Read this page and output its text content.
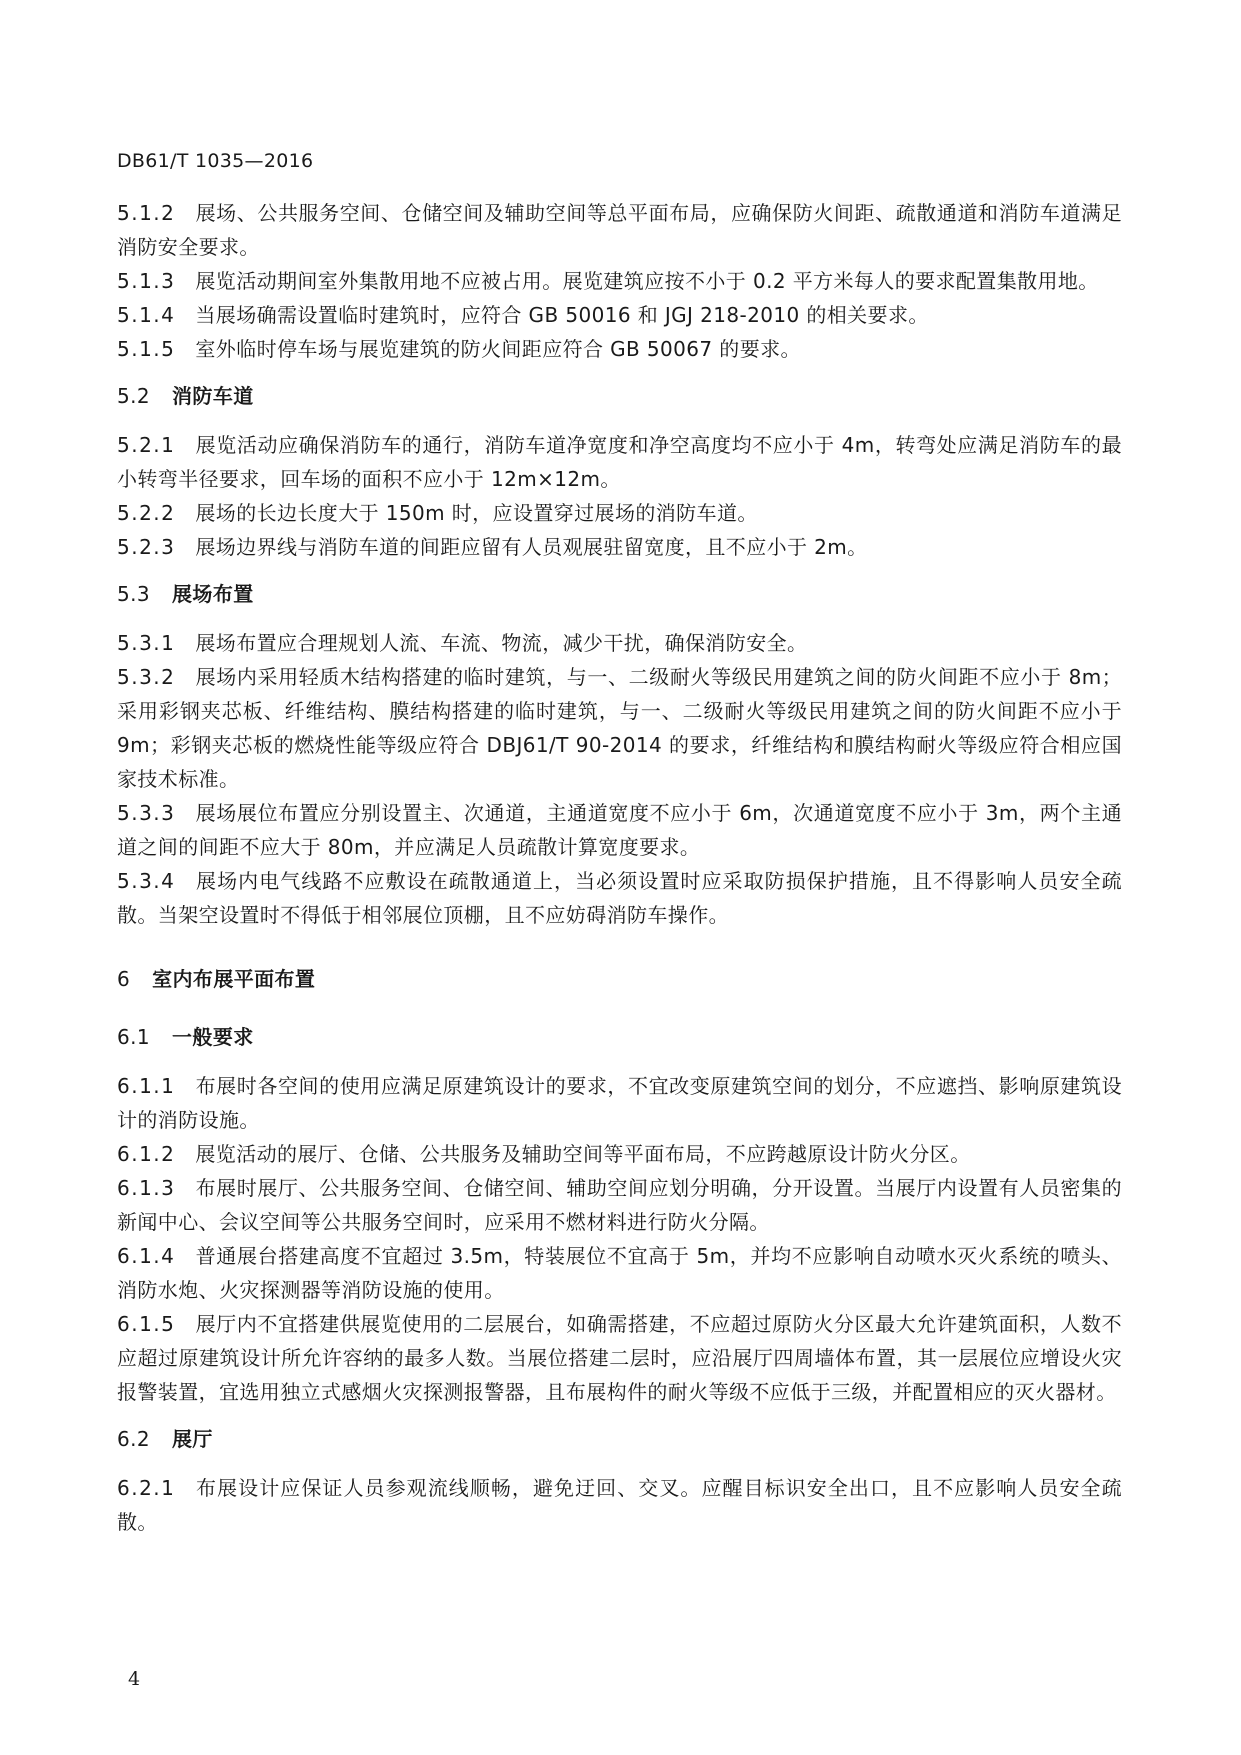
DB61/T 1035—2016

5.1.2 展场、公共服务空间、仓储空间及辅助空间等总平面布局，应确保防火间距、疏散通道和消防车道满足消防安全要求。

5.1.3 展览活动期间室外集散用地不应被占用。展览建筑应按不小于 0.2 平方米每人的要求配置集散用地。

5.1.4 当展场确需设置临时建筑时，应符合 GB 50016 和 JGJ 218-2010 的相关要求。

5.1.5 室外临时停车场与展览建筑的防火间距应符合 GB 50067 的要求。

5.2 消防车道

5.2.1 展览活动应确保消防车的通行，消防车道净宽度和净空高度均不应小于 4m，转弯处应满足消防车的最小转弯半径要求，回车场的面积不应小于 12m×12m。

5.2.2 展场的长边长度大于 150m 时，应设置穿过展场的消防车道。

5.2.3 展场边界线与消防车道的间距应留有人员观展驻留宽度，且不应小于 2m。

5.3 展场布置

5.3.1 展场布置应合理规划人流、车流、物流，减少干扰，确保消防安全。

5.3.2 展场内采用轻质木结构搭建的临时建筑，与一、二级耐火等级民用建筑之间的防火间距不应小于 8m；采用彩钢夹芯板、纤维结构、膜结构搭建的临时建筑，与一、二级耐火等级民用建筑之间的防火间距不应小于 9m；彩钢夹芯板的燃烧性能等级应符合 DBJ61/T 90-2014 的要求，纤维结构和膜结构耐火等级应符合相应国家技术标准。

5.3.3 展场展位布置应分别设置主、次通道，主通道宽度不应小于 6m，次通道宽度不应小于 3m，两个主通道之间的间距不应大于 80m，并应满足人员疏散计算宽度要求。

5.3.4 展场内电气线路不应敷设在疏散通道上，当必须设置时应采取防损保护措施，且不得影响人员安全疏散。当架空设置时不得低于相邻展位顶棚，且不应妨碍消防车操作。

6 室内布展平面布置
6.1 一般要求

6.1.1 布展时各空间的使用应满足原建筑设计的要求，不宜改变原建筑空间的划分，不应遮挡、影响原建筑设计的消防设施。

6.1.2 展览活动的展厅、仓储、公共服务及辅助空间等平面布局，不应跨越原设计防火分区。

6.1.3 布展时展厅、公共服务空间、仓储空间、辅助空间应划分明确，分开设置。当展厅内设置有人员密集的新闻中心、会议空间等公共服务空间时，应采用不燃材料进行防火分隔。

6.1.4 普通展台搭建高度不宜超过 3.5m，特装展位不宜高于 5m，并均不应影响自动喷水灭火系统的喷头、消防水炮、火灾探测器等消防设施的使用。

6.1.5 展厅内不宜搭建供展览使用的二层展台，如确需搭建，不应超过原防火分区最大允许建筑面积，人数不应超过原建筑设计所允许容纳的最多人数。当展位搭建二层时，应沿展厅四周墙体布置，其一层展位应增设火灾报警装置，宜选用独立式感烟火灾探测报警器，且布展构件的耐火等级不应低于三级，并配置相应的灭火器材。

6.2 展厅

6.2.1 布展设计应保证人员参观流线顺畅，避免迂回、交叉。应醒目标识安全出口，且不应影响人员安全疏散。

4
